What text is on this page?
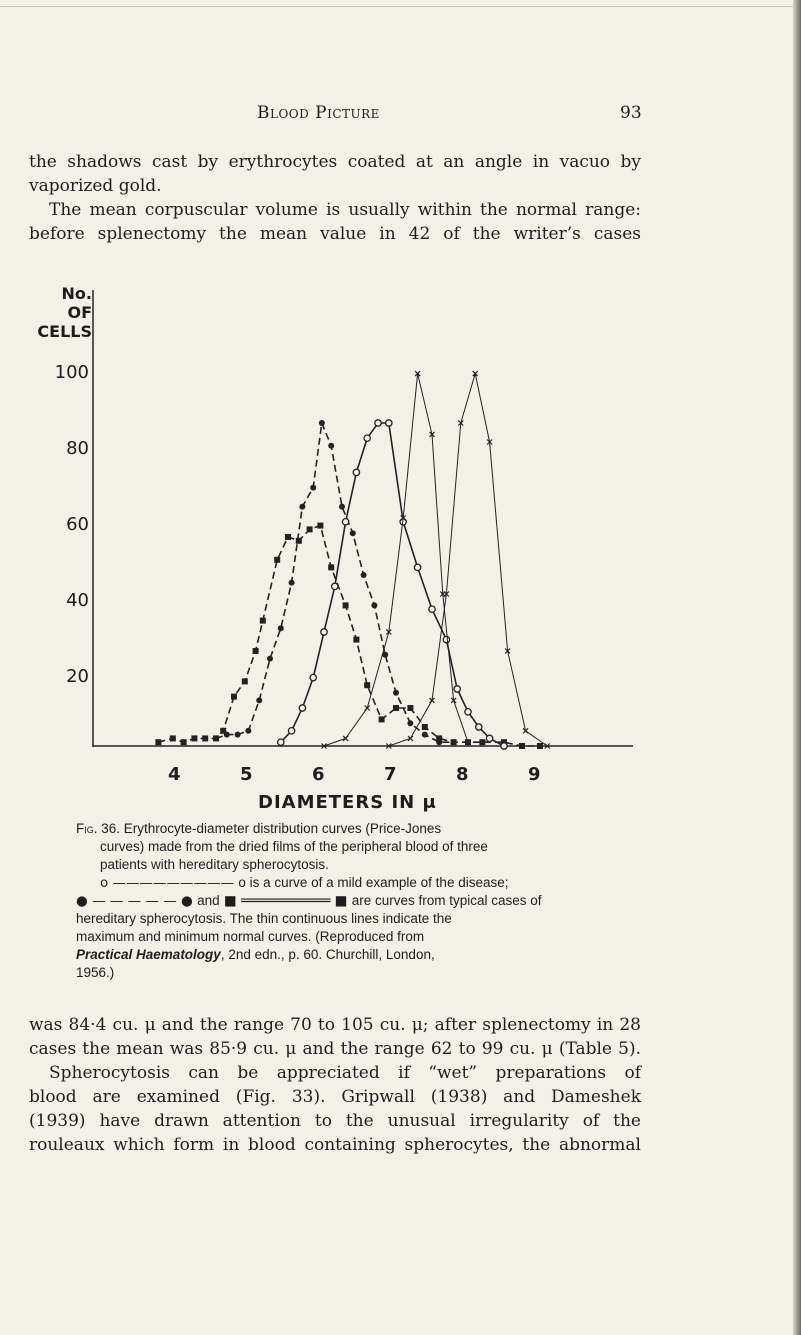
Blood Picture	93
the shadows cast by erythrocytes coated at an angle in vacuo by
vaporized gold.
The mean corpuscular volume is usually within the normal range:
before splenectomy the mean value in 42 of the writer’s cases
No.
OF
CELLS
100
80
60
40
20
4	5	6	7	8	9
DIAMETERS IN μ
Fig. 36. Erythrocyte-diameter distribution curves (Price-Jones
curves) made from the dried films of the peripheral blood of three
patients with hereditary spherocytosis.
o ————————— o is a curve of a mild example of the disease;
● — — — — — ● and ■ ═══════════ ■ are curves from typical cases of
hereditary spherocytosis. The thin continuous lines indicate the
maximum and minimum normal curves. (Reproduced from
Practical Haematology, 2nd edn., p. 60. Churchill, London,
1956.)
was 84·4 cu. μ and the range 70 to 105 cu. μ; after splenectomy in 28
cases the mean was 85·9 cu. μ and the range 62 to 99 cu. μ (Table 5).
Spherocytosis can be appreciated if “wet” preparations of
blood are examined (Fig. 33). Gripwall (1938) and Dameshek
(1939) have drawn attention to the unusual irregularity of the
rouleaux which form in blood containing spherocytes, the abnormal
